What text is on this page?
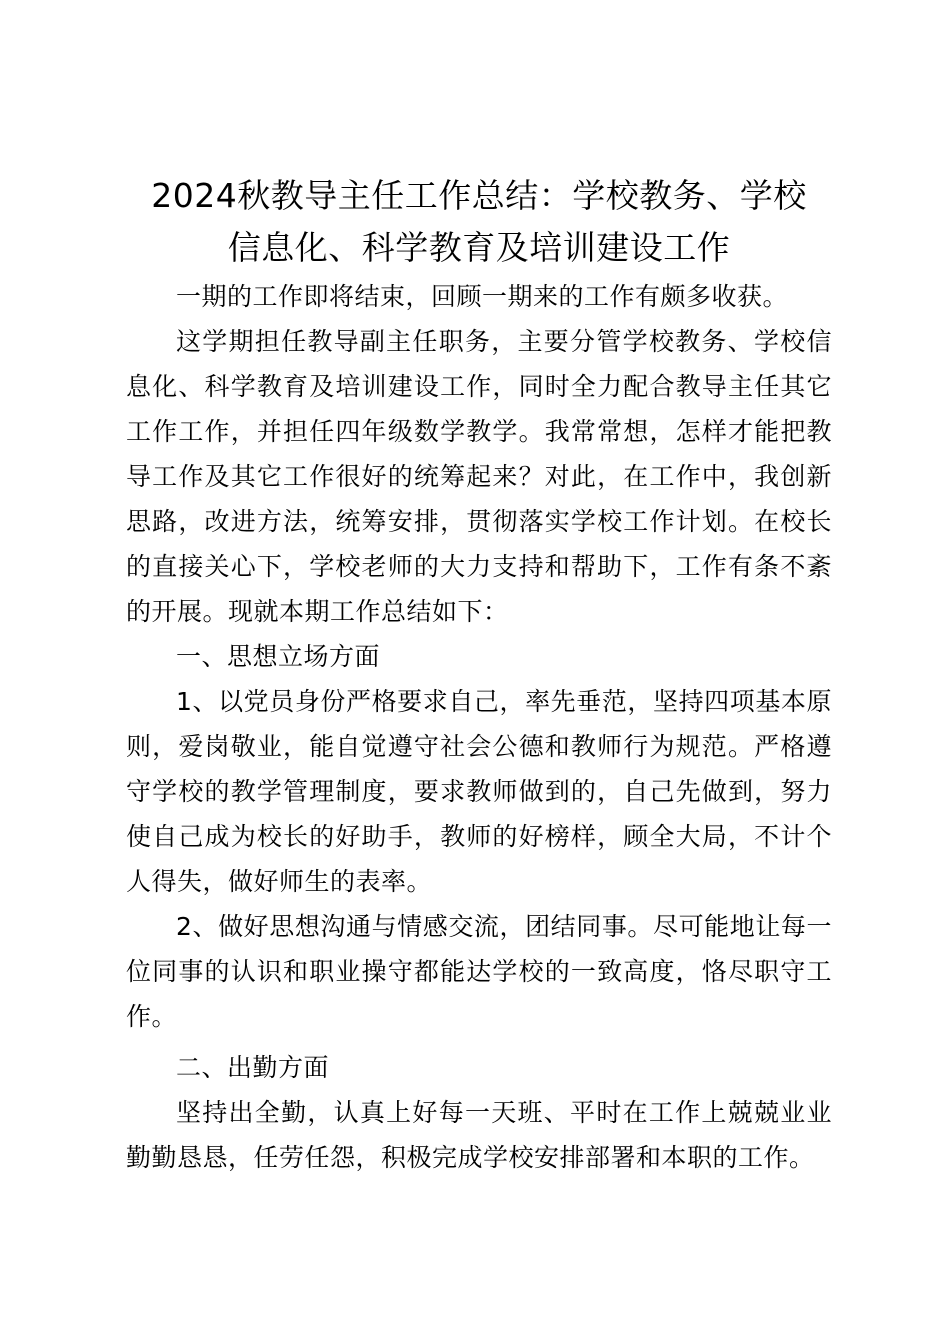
2024秋教导主任工作总结：学校教务、学校
信息化、科学教育及培训建设工作

一期的工作即将结束，回顾一期来的工作有颇多收获。

这学期担任教导副主任职务，主要分管学校教务、学校信息化、科学教育及培训建设工作，同时全力配合教导主任其它工作工作，并担任四年级数学教学。我常常想，怎样才能把教导工作及其它工作很好的统筹起来？对此，在工作中，我创新思路，改进方法，统筹安排，贯彻落实学校工作计划。在校长的直接关心下，学校老师的大力支持和帮助下，工作有条不紊的开展。现就本期工作总结如下：

一、思想立场方面

1、以党员身份严格要求自己，率先垂范，坚持四项基本原则，爱岗敬业，能自觉遵守社会公德和教师行为规范。严格遵守学校的教学管理制度，要求教师做到的，自己先做到，努力使自己成为校长的好助手，教师的好榜样，顾全大局，不计个人得失，做好师生的表率。

2、做好思想沟通与情感交流，团结同事。尽可能地让每一位同事的认识和职业操守都能达学校的一致高度，恪尽职守工作。

二、出勤方面

坚持出全勤，认真上好每一天班、平时在工作上兢兢业业勤勤恳恳，任劳任怨，积极完成学校安排部署和本职的工作。
